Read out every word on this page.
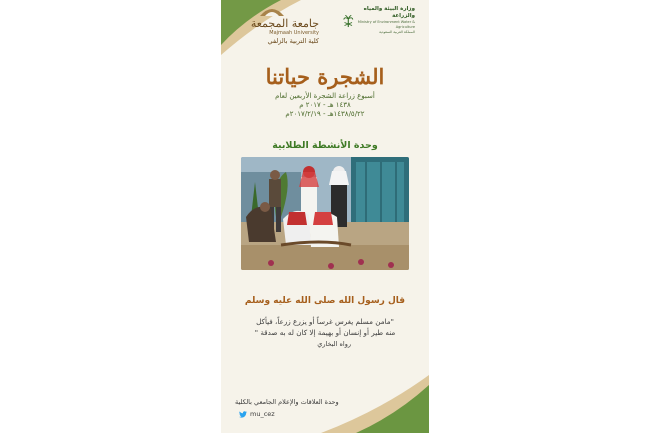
وزارة البيئة والمياه والزراعة
Ministry of Environment Water & Agriculture
المملكة العربية السعودية
جامعة المجمعة
Majmaah University
كلية التربية بالزلفي
الشجرة حياتنا
أسبوع زراعة الشجرة الأربعين لعام
١٤٣٨ هـ - ٢٠١٧ م
١٤٣٨/٥/٢٢هـ - ٢٠١٧/٢/١٩م
وحدة الأنشطة الطلابية
قال رسول الله صلى الله عليه وسلم
"مامن مسلم يغرس غرساً أو يزرع زرعاً، فيأكل
منه طير أو إنسان أو بهيمة إلا كان له به صدقة "
رواه البخاري
وحدة العلاقات والإعلام الجامعي بالكلية
mu_cez
